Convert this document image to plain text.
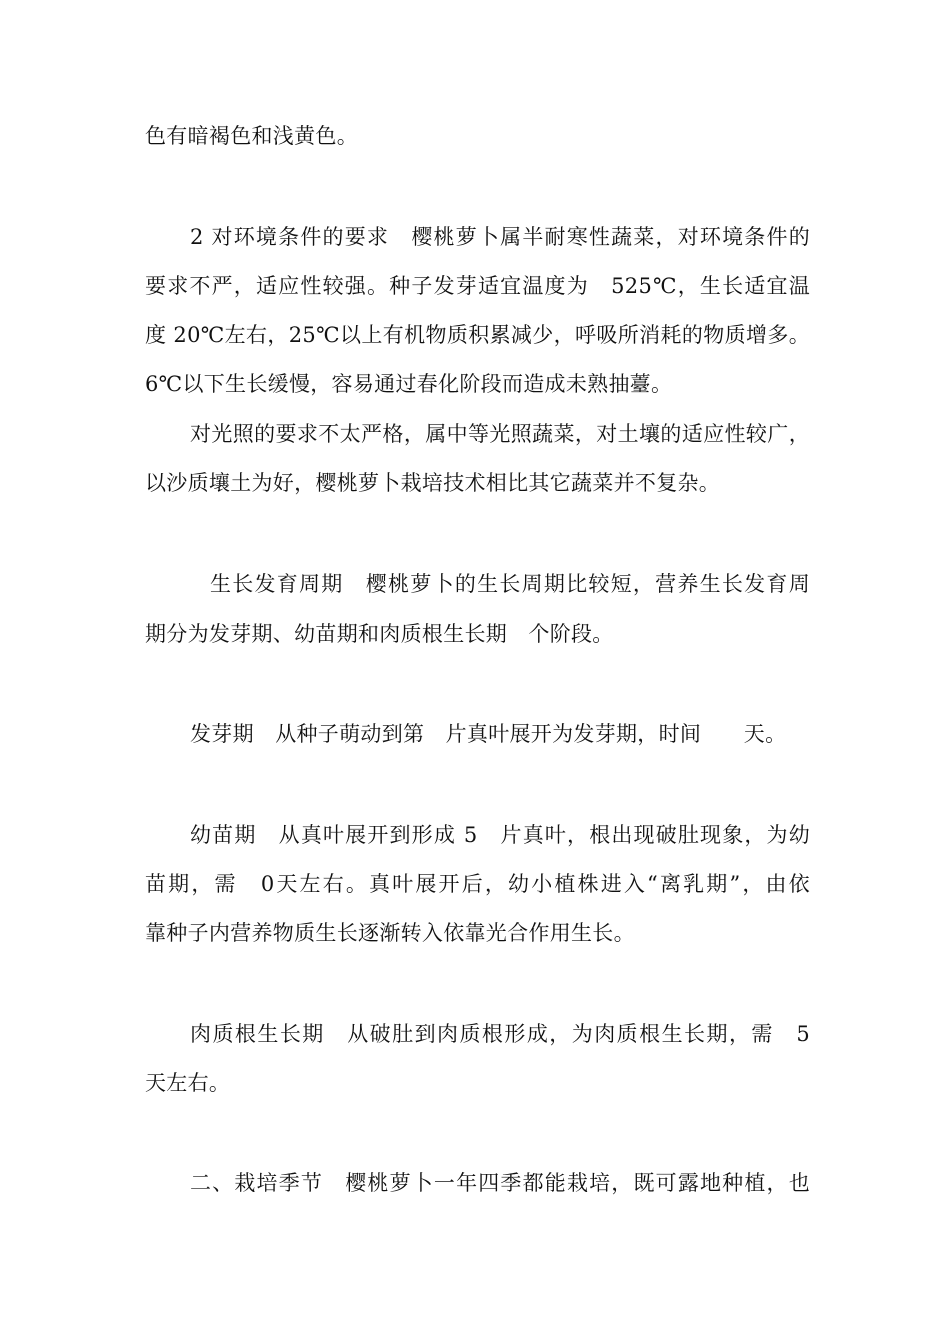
色有暗褐色和浅黄色。
2 对环境条件的要求　樱桃萝卜属半耐寒性蔬菜，对环境条件的
要求不严，适应性较强。种子发芽适宜温度为　525℃，生长适宜温
度 20℃左右，25℃以上有机物质积累减少，呼吸所消耗的物质增多。
6℃以下生长缓慢，容易通过春化阶段而造成未熟抽薹。
对光照的要求不太严格，属中等光照蔬菜，对土壤的适应性较广，
以沙质壤土为好，樱桃萝卜栽培技术相比其它蔬菜并不复杂。
生长发育周期　樱桃萝卜的生长周期比较短，营养生长发育周
期分为发芽期、幼苗期和肉质根生长期　个阶段。
发芽期　从种子萌动到第　片真叶展开为发芽期，时间　　天。
幼苗期　从真叶展开到形成 5　片真叶，根出现破肚现象，为幼
苗期，需　0天左右。真叶展开后，幼小植株进入“离乳期”，由依
靠种子内营养物质生长逐渐转入依靠光合作用生长。
肉质根生长期　从破肚到肉质根形成，为肉质根生长期，需　5
天左右。
二、栽培季节　樱桃萝卜一年四季都能栽培，既可露地种植，也
